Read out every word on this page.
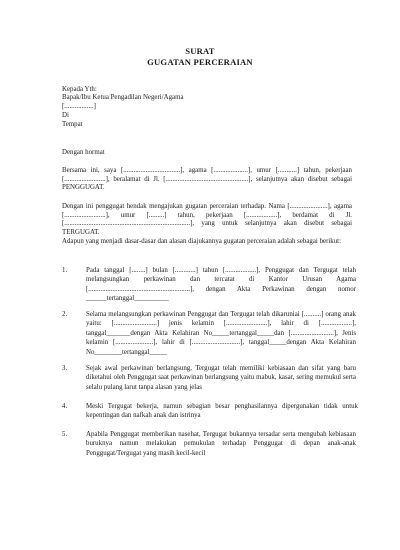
SURAT
GUGATAN PERCERAIAN
Kepada Yth:
Bapak/Ibu Ketua Pengadilan Negeri/Agama
[.................]
Di
Tempat
Dengan hormat
Bersama ini, saya [.................................], agama [....................], umur [...........] tahun, pekerjaan [........................], beralamat di Jl. [................................................], selanjutnya akan disebut sebagai PENGGUGAT.
Dengan ini penggugat hendak mengajukan gugatan perceraian terhadap. Nama [......................], agama [........................], umur [.........] tahun, pekerjaan [..................], berdamat di Jl. [.........................................................................], yang untuk selanjutnya akan disebut sebagai TERGUGAT.
Adapun yang menjadi dasar-dasar dan alasan diajukannya gugatan perceraian adalah sebagai berikut:
1.	Pada tanggal [........] bulan [............] tahun [..................], Penggugat dan Tergugat telah melangsungkan perkawinan dan tercatat di Kantor Urusan Agama [...........................................................], dengan Akta Perkawinan dengan nomor ______tertanggal__________
2.	Selama melangsungkan perkawinan Penggugat dan Tergugat telah dikaruniai [..........] orang anak yaitu: [.........................] jenis kelamin [........................], lahir di [..................], tanggal_______dengan Akta Kelahiran No_____tertanggal_____dan [.........................], Jenis kelamin [......................], lahir di [............................], tanggal_____dengan Akta Kelahiran No________tertanggal_____
3.	Sejak awal perkawinan berlangsung, Tergugat telah memiliki kebiasaan dan sifat yang baru diketahui oleh Penggugat saat perkawinan berlangsung yaitu mabuk, kasar, sering memukul serta selalu pulang larut tanpa alasan yang jelas
4.	Meski Tergugat bekerja, namun sebagian besar penghasilannya dipergunakan tidak untuk kepentingan dan nafkah anak dan istrinya
5.	Apabila Penggugat memberikan nasehat, Tergugat bukannya tersadar serta mengubah kebiasaan buruknya namun melakukan pemukulan terhadap Penggugat di depan anak-anak Penggugat/Tergugat yang masih kecil-kecil
